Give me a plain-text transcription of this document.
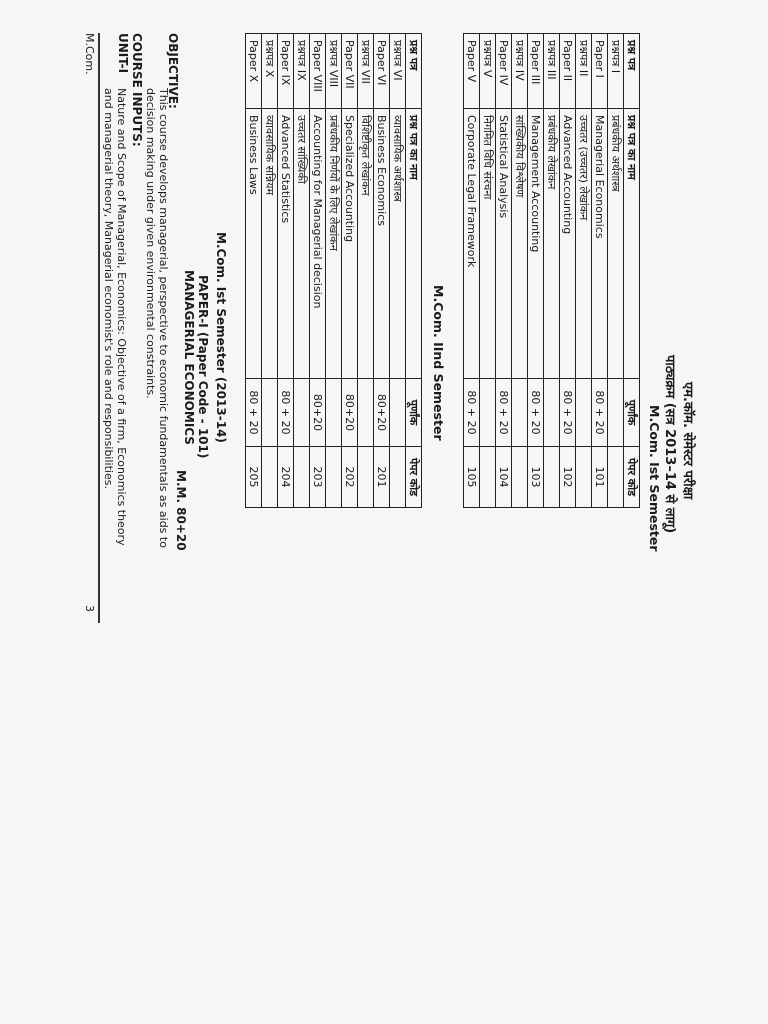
एम.कॉम. सेमेस्टर परीक्षा
पाठ्यक्रम (सत्र 2013–14 से लागू)
M.Com. Ist Semester
प्रश्न पत्र	प्रश्न पत्र का नाम	पूर्णांक	पेपर कोड
प्रश्नपत्र I	प्रबंधकीय अर्थशास्त्र		
Paper I	Managerial Economics	80 + 20	101
प्रश्नपत्र II	उच्चतर (उच्चतर) लेखांकन		
Paper II	Advanced Accounting	80 + 20	102
प्रश्नपत्र III	प्रबंधकीय लेखांकन		
Paper III	Management Accounting	80 + 20	103
प्रश्नपत्र IV	सांख्यिकीय विश्लेषण		
Paper IV	Statistical Analysis	80 + 20	104
प्रश्नपत्र V	निगमित विधि संरचना		
Paper V	Corporate Legal Framework	80 + 20	105
M.Com. IInd Semester
प्रश्न पत्र	प्रश्न पत्र का नाम	पूर्णांक	पेपर कोड
प्रश्नपत्र VI	व्यावसायिक अर्थशास्त्र		
Paper VI	Business Economics	80+20	201
प्रश्नपत्र VII	विशिष्टीकृत लेखांकन		
Paper VII	Specialized Accounting	80+20	202
प्रश्नपत्र VIII	प्रबंधकीय निर्णयों के लिए लेखांकन		
Paper VIII	Accounting for Managerial decision	80+20	203
प्रश्नपत्र IX	उच्चतर सांख्यिकी		
Paper IX	Advanced Statistics	80 + 20	204
प्रश्नपत्र X	व्यावसायिक सन्नियम		
Paper X	Business Laws	80 + 20	205
M.Com. Ist Semester (2013-14)
PAPER-I (Paper Code - 101)
MANAGERIAL ECONOMICS
M.M. 80+20
OBJECTIVE:
This course develops managerial, perspective to economic fundamentals as aids to
decision making under given environmental constraints.
COURSE INPUTS:
UNIT-I
Nature and Scope of Managerial, Economics: Objective of a firm, Economics theory
and managerial theory, Managerial economist's role and responsibilities.
M.Com.
3
